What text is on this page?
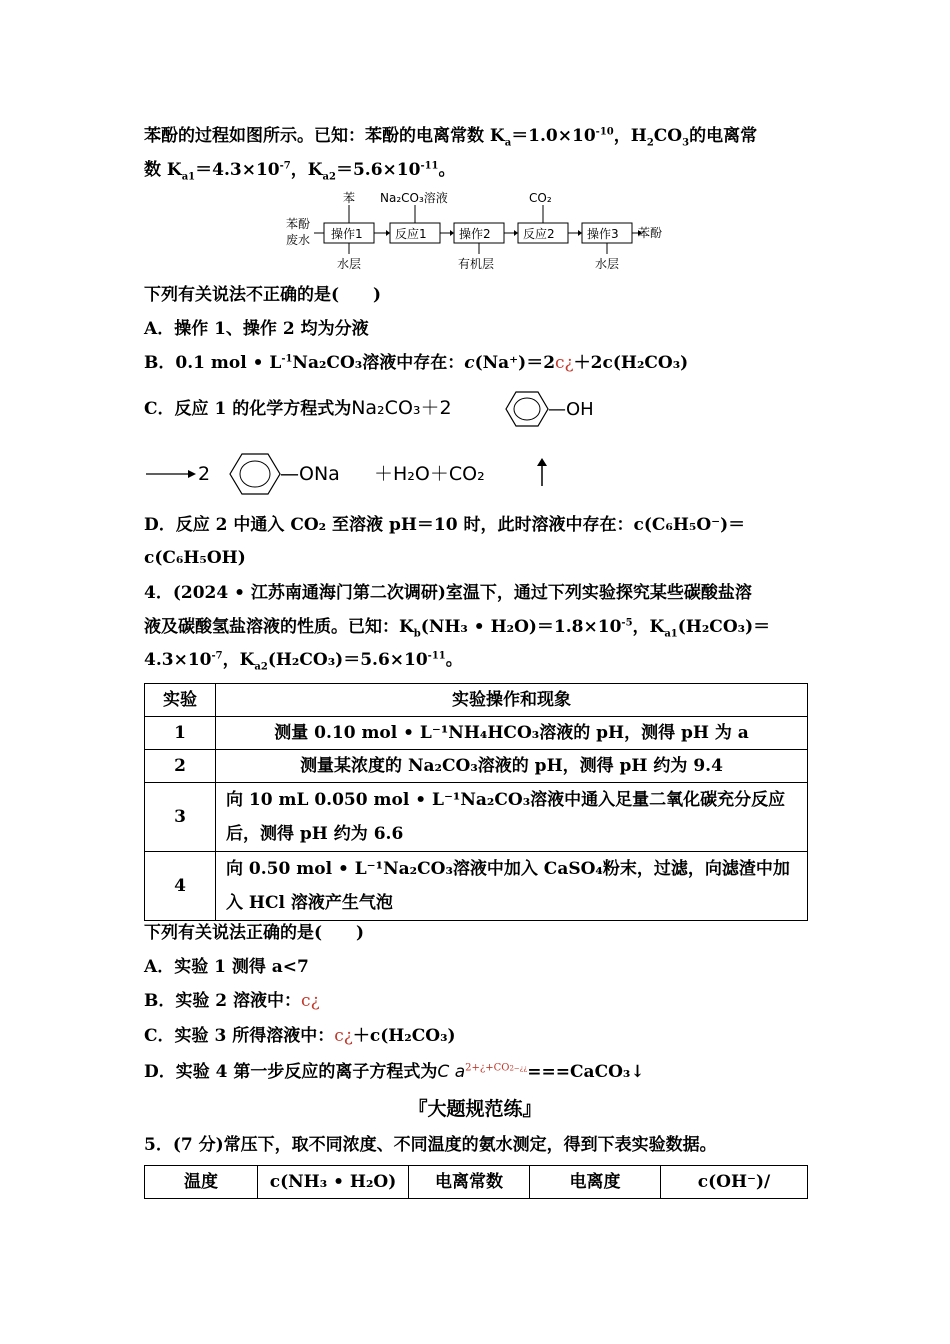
苯酚的过程如图所示。已知：苯酚的电离常数 $K_a=1.0\times 10^{-10}$，$H_2CO_3$的电离常
数 $K_{a1}=4.3\times 10^{-7}$，$K_{a2}=5.6\times 10^{-11}$。
苯酚
废水 操作1	反应1	操作2	反应2	操作3 苯酚
苯 Na₂CO₃溶液	CO₂
水层	有机层	水层
下列有关说法不正确的是(　　)
A．操作 1、操作 2 均为分液
B．0.1 mol • $L^{-1}Na_2CO_3$溶液中存在：c(Na⁺)＝2c¿＋2c(H₂CO₃)
C．反应 1 的化学方程式为Na₂CO₃＋2	—OH
2	—ONa ＋H₂O＋CO₂
D．反应 2 中通入 CO₂ 至溶液 pH＝10 时，此时溶液中存在：c(C₆H₅O⁻)＝
c(C₆H₅OH)
4．(2024 • 江苏南通海门第二次调研)室温下，通过下列实验探究某些碳酸盐溶
液及碳酸氢盐溶液的性质。已知：$K_b(NH_3$ • $H_2O)=1.8\times 10^{-5}$，$K_{a1}(H_2CO_3)=$
$4.3\times 10^{-7}$，$K_{a2}(H_2CO_3)=5.6\times 10^{-11}$。
实验	实验操作和现象
1	测量 0.10 mol • L⁻¹NH₄HCO₃溶液的 pH，测得 pH 为 a
2	测量某浓度的 Na₂CO₃溶液的 pH，测得 pH 约为 9.4
3	向 10 mL 0.050 mol • L⁻¹Na₂CO₃溶液中通入足量二氧化碳充分反应
后，测得 pH 约为 6.6

4	向 0.50 mol • L⁻¹Na₂CO₃溶液中加入 CaSO₄粉末，过滤，向滤渣中加
入 HCl 溶液产生气泡
下列有关说法正确的是(　　)
A．实验 1 测得 a<7
B．实验 2 溶液中：c¿
C．实验 3 所得溶液中：c¿＋c(H₂CO₃)
D．实验 4 第一步反应的离子方程式为C $a^{2+¿+CO2-¿¿}===CaCO_3↓$
『大题规范练』
5．(7 分)常压下，取不同浓度、不同温度的氨水测定，得到下表实验数据。
温度	c(NH₃ • H₂O)	电离常数	电离度	c(OH⁻)/
